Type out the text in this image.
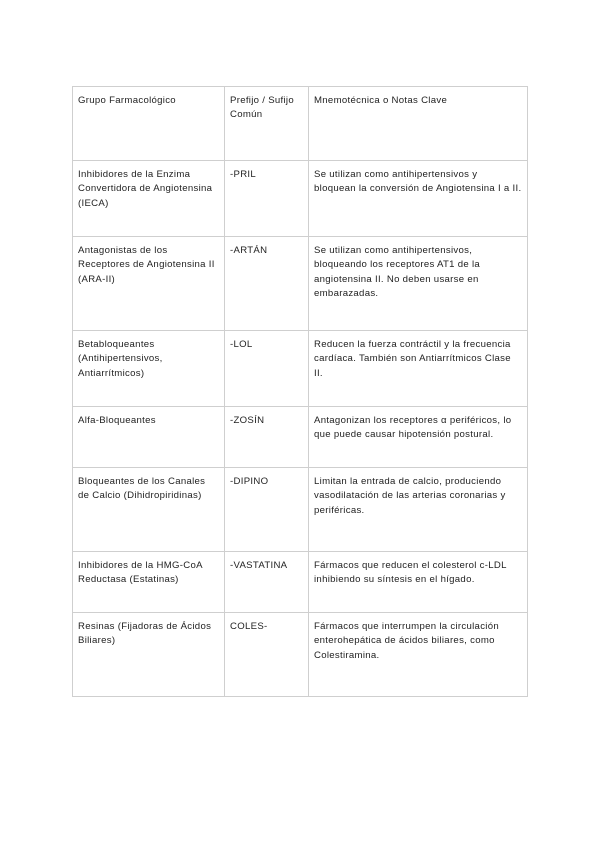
Grupo Farmacológico	Prefijo / Sufijo Común	Mnemotécnica o Notas Clave
Inhibidores de la Enzima Convertidora de Angiotensina (IECA)	-PRIL	Se utilizan como antihipertensivos y bloquean la conversión de Angiotensina I a II.
Antagonistas de los Receptores de Angiotensina II (ARA-II)	-ARTÁN	Se utilizan como antihipertensivos, bloqueando los receptores AT1 de la angiotensina II. No deben usarse en embarazadas.
Betabloqueantes (Antihipertensivos, Antiarrítmicos)	-LOL	Reducen la fuerza contráctil y la frecuencia cardíaca. También son Antiarrítmicos Clase II.
Alfa-Bloqueantes	-ZOSÍN	Antagonizan los receptores α periféricos, lo que puede causar hipotensión postural.
Bloqueantes de los Canales de Calcio (Dihidropiridinas)	-DIPINO	Limitan la entrada de calcio, produciendo vasodilatación de las arterias coronarias y periféricas.
Inhibidores de la HMG-CoA Reductasa (Estatinas)	-VASTATINA	Fármacos que reducen el colesterol c-LDL inhibiendo su síntesis en el hígado.
Resinas (Fijadoras de Ácidos Biliares)	COLES-	Fármacos que interrumpen la circulación enterohepática de ácidos biliares, como Colestiramina.
